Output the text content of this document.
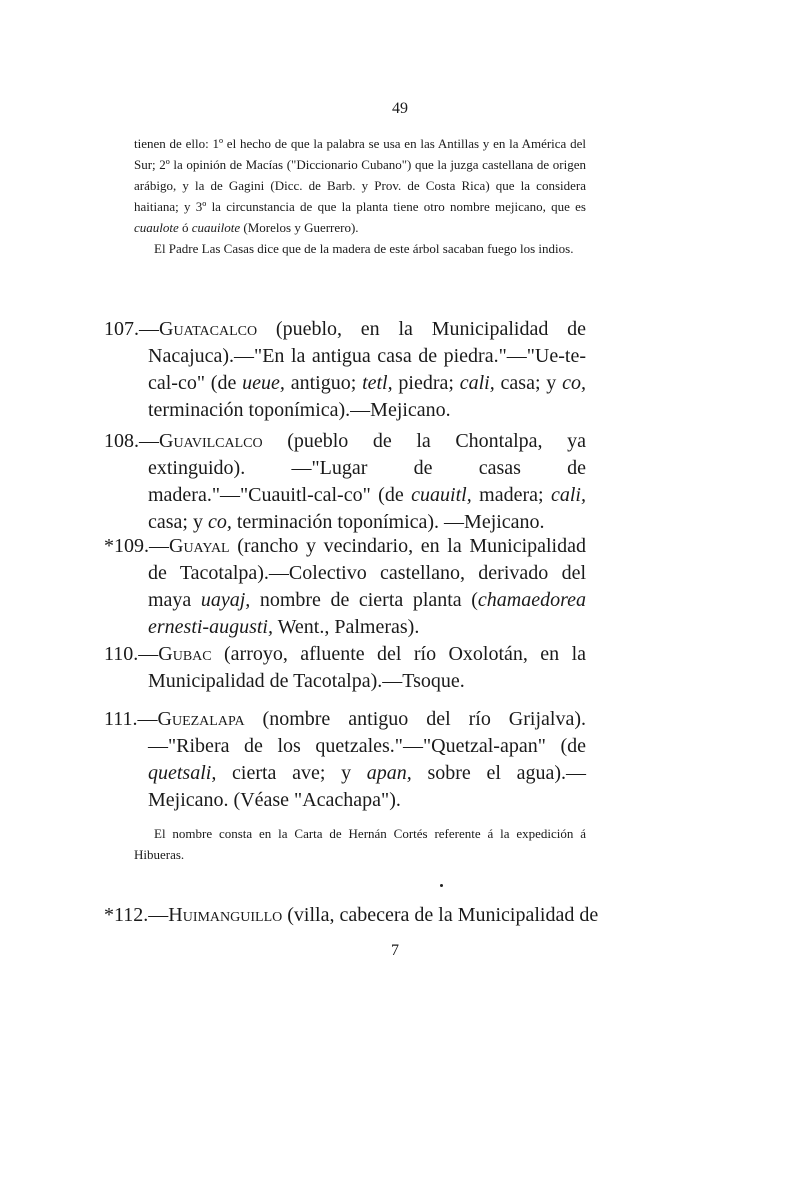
49

tienen de ello: 1º el hecho de que la palabra se usa en las Antillas y en la América del Sur; 2º la opinión de Macías ("Diccionario Cubano") que la juzga castellana de origen arábigo, y la de Gagini (Dicc. de Barb. y Prov. de Costa Rica) que la considera haitiana; y 3º la circunstancia de que la planta tiene otro nombre mejicano, que es cuaulote ó cuauilote (Morelos y Guerrero).

El Padre Las Casas dice que de la madera de este árbol sacaban fuego los indios.

107.—Guatacalco (pueblo, en la Municipalidad de Nacajuca).—"En la antigua casa de piedra."—"Ue-te-cal-co" (de ueue, antiguo; tetl, piedra; cali, casa; y co, terminación toponímica).—Mejicano.

108.—Guavilcalco (pueblo de la Chontalpa, ya extinguido). —"Lugar de casas de madera."—"Cuauitl-cal-co" (de cuauitl, madera; cali, casa; y co, terminación toponímica). —Mejicano.

*109.—Guayal (rancho y vecindario, en la Municipalidad de Tacotalpa).—Colectivo castellano, derivado del maya uayaj, nombre de cierta planta (chamaedorea ernesti-augusti, Went., Palmeras).

110.—Gubac (arroyo, afluente del río Oxolotán, en la Municipalidad de Tacotalpa).—Tsoque.

111.—Guezalapa (nombre antiguo del río Grijalva).—"Ribera de los quetzales."—"Quetzal-apan" (de quetsali, cierta ave; y apan, sobre el agua).—Mejicano. (Véase "Acachapa").

El nombre consta en la Carta de Hernán Cortés referente á la expedición á Hibueras.

*112.—Huimanguillo (villa, cabecera de la Municipalidad de

7
